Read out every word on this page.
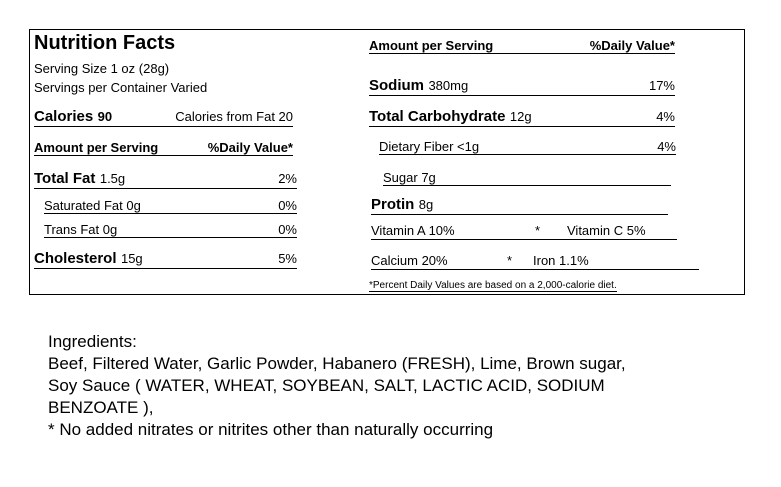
Nutrition Facts
Serving Size 1 oz (28g)
Servings per Container Varied
Calories 90	Calories from Fat 20
Amount per Serving	%Daily Value*
Total Fat 1.5g	2%
Saturated Fat 0g	0%
Trans Fat 0g	0%
Cholesterol 15g	5%
Amount per Serving	%Daily Value*
Sodium 380mg	17%
Total Carbohydrate 12g	4%
Dietary Fiber <1g	4%
Sugar 7g
Protin 8g
Vitamin A 10%	* Vitamin C 5%
Calcium 20%	* Iron 1.1%
*Percent Daily Values are based on a 2,000-calorie diet.
Ingredients:
Beef, Filtered Water, Garlic Powder, Habanero (FRESH), Lime, Brown sugar,
Soy Sauce ( WATER, WHEAT, SOYBEAN, SALT, LACTIC ACID, SODIUM
BENZOATE ),
* No added nitrates or nitrites other than naturally occurring
